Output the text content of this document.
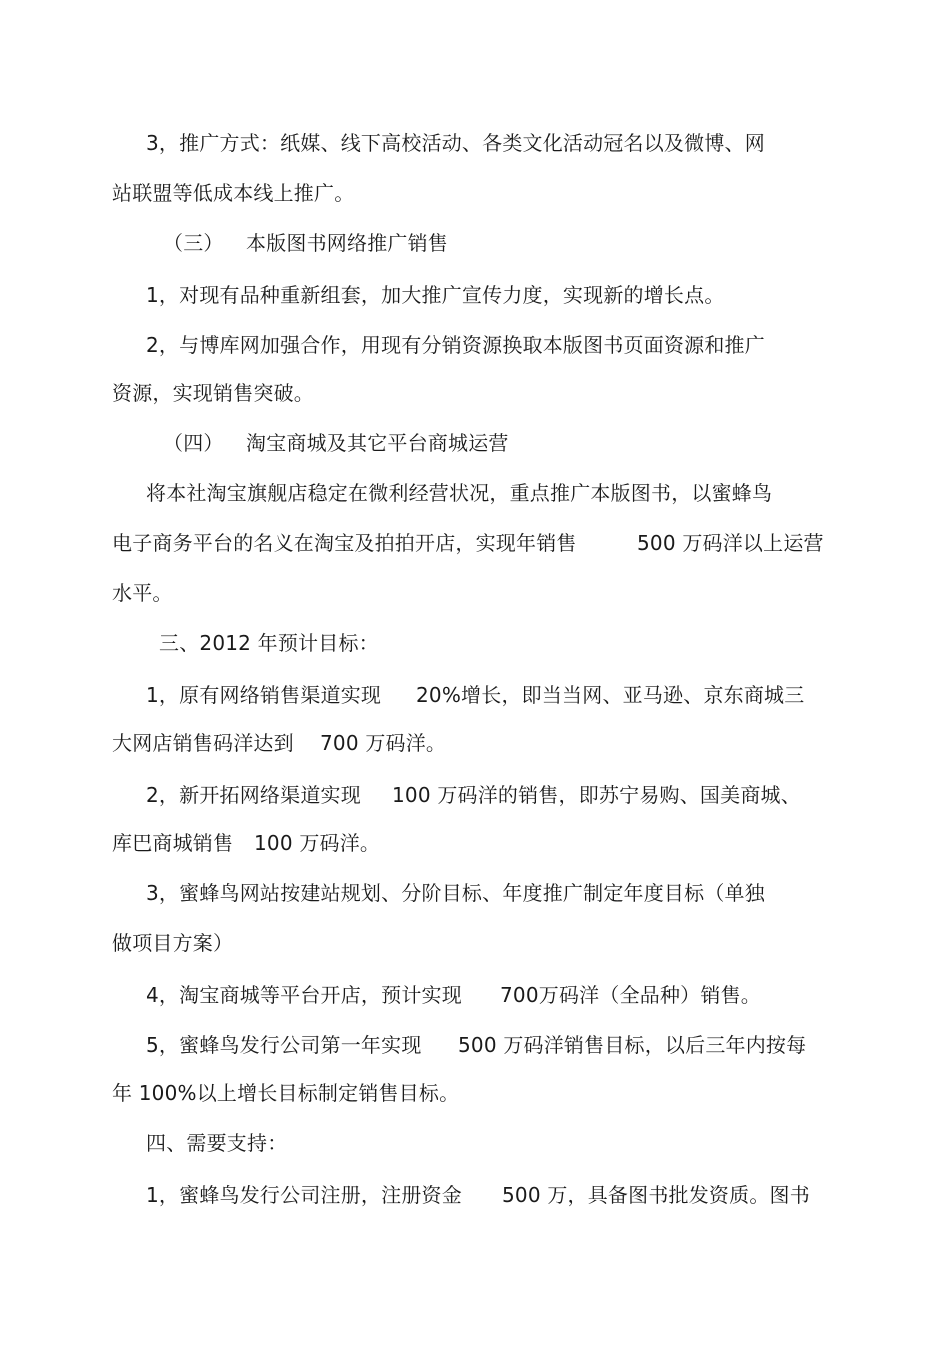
3，推广方式：纸媒、线下高校活动、各类文化活动冠名以及微博、网
站联盟等低成本线上推广。
（三） 本版图书网络推广销售
1，对现有品种重新组套，加大推广宣传力度，实现新的增长点。
2，与博库网加强合作，用现有分销资源换取本版图书页面资源和推广
资源，实现销售突破。
（四） 淘宝商城及其它平台商城运营
将本社淘宝旗舰店稳定在微利经营状况，重点推广本版图书，以蜜蜂鸟
电子商务平台的名义在淘宝及拍拍开店，实现年销售	500 万码洋以上运营
水平。
三、2012 年预计目标：
1，原有网络销售渠道实现 20%增长，即当当网、亚马逊、京东商城三
大网店销售码洋达到 700 万码洋。
2，新开拓网络渠道实现 100 万码洋的销售，即苏宁易购、国美商城、
库巴商城销售 100 万码洋。
3，蜜蜂鸟网站按建站规划、分阶目标、年度推广制定年度目标（单独
做项目方案）
4，淘宝商城等平台开店，预计实现 700万码洋（全品种）销售。
5，蜜蜂鸟发行公司第一年实现 500 万码洋销售目标，以后三年内按每
年 100%以上增长目标制定销售目标。
四、需要支持：
1，蜜蜂鸟发行公司注册，注册资金 500 万，具备图书批发资质。图书
